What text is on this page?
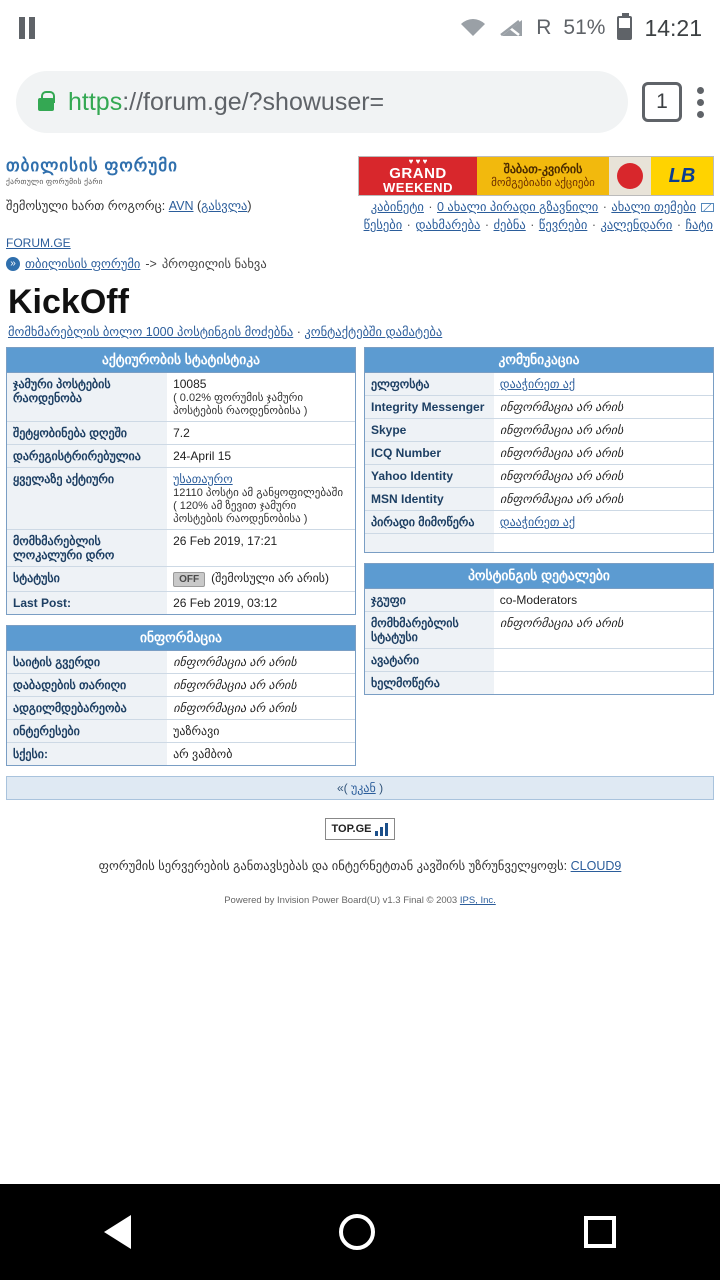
R 51% 14:21
https://forum.ge/?showuser=	1
თბილისის ფორუმი
ქართული ფორუმის ქარი
♥ ♥ ♥
GRAND
WEEKEND
შაბათ-კვირის
მომგებიანი აქციები	LB
შემოსული ხართ როგორც: AVN (გასვლა)	კაბინეტი · 0 ახალი პირადი გზავნილი · ახალი თემები
წესები · დახმარება · ძებნა · წევრები · კალენდარი · ჩატი
FORUM.GE
» თბილისის ფორუმი -> პროფილის ნახვა
KickOff
მომხმარებლის ბოლო 1000 პოსტინგის მოძებნა · კონტაქტებში დამატება
აქტიურობის სტატისტიკა
ჯამური პოსტების რაოდენობა	10085
( 0.02% ფორუმის ჯამური პოსტების რაოდენობისა )

შეტყობინება დღეში	7.2
დარეგისტრირებულია	24-April 15
ყველაზე აქტიური	უსათაურო
12110 პოსტი ამ განყოფილებაში ( 120% ამ ზევით ჯამური პოსტების რაოდენობისა )

მომხმარებლის ლოკალური დრო	26 Feb 2019, 17:21
სტატუსი	OFF (შემოსული არ არის)
Last Post:	26 Feb 2019, 03:12
ინფორმაცია
საიტის გვერდი	ინფორმაცია არ არის
დაბადების თარიღი	ინფორმაცია არ არის
ადგილმდებარეობა	ინფორმაცია არ არის
ინტერესები	უაზრავი
სქესი:	არ ვამბობ
კომუნიკაცია
ელფოსტა	დააჭირეთ აქ
Integrity Messenger	ინფორმაცია არ არის
Skype	ინფორმაცია არ არის
ICQ Number	ინფორმაცია არ არის
Yahoo Identity	ინფორმაცია არ არის
MSN Identity	ინფორმაცია არ არის
პირადი მიმოწერა	დააჭირეთ აქ

პოსტინგის დეტალები
ჯგუფი	co-Moderators
მომხმარებლის სტატუსი	ინფორმაცია არ არის
ავატარი	
ხელმოწერა	
«( უკან )
TOP.GE
ფორუმის სერვერების განთავსებას და ინტერნეტთან კავშირს უზრუნველყოფს: CLOUD9
Powered by Invision Power Board(U) v1.3 Final © 2003 IPS, Inc.
